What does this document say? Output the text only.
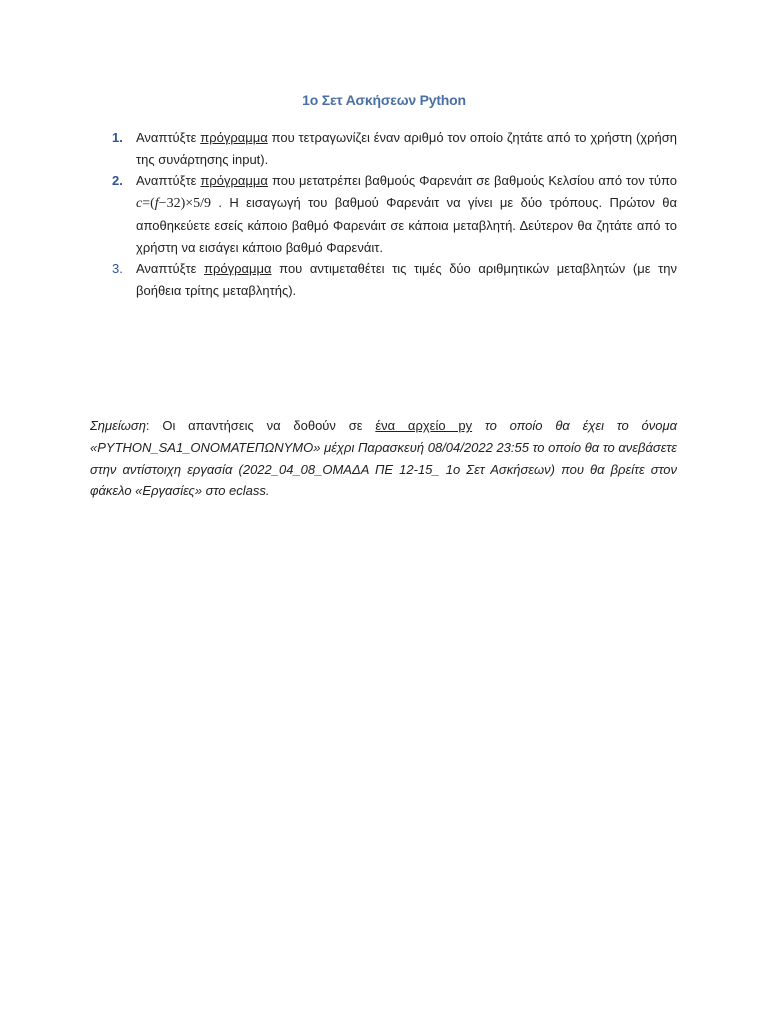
1ο Σετ Ασκήσεων Python
1. Αναπτύξτε πρόγραμμα που τετραγωνίζει έναν αριθμό τον οποίο ζητάτε από το χρήστη (χρήση της συνάρτησης input).
2. Αναπτύξτε πρόγραμμα που μετατρέπει βαθμούς Φαρενάιτ σε βαθμούς Κελσίου από τον τύπο c=(f−32)×5/9 . Η εισαγωγή του βαθμού Φαρενάιτ να γίνει με δύο τρόπους. Πρώτον θα αποθηκεύετε εσείς κάποιο βαθμό Φαρενάιτ σε κάποια μεταβλητή. Δεύτερον θα ζητάτε από το χρήστη να εισάγει κάποιο βαθμό Φαρενάιτ.
3. Αναπτύξτε πρόγραμμα που αντιμεταθέτει τις τιμές δύο αριθμητικών μεταβλητών (με την βοήθεια τρίτης μεταβλητής).

Σημείωση: Οι απαντήσεις να δοθούν σε ένα αρχείο py το οποίο θα έχει το όνομα «PYTHON_SA1_ΟΝΟΜΑΤΕΠΩΝΥΜΟ» μέχρι Παρασκευή 08/04/2022 23:55 το οποίο θα το ανεβάσετε στην αντίστοιχη εργασία (2022_04_08_ΟΜΑΔΑ ΠΕ 12-15_ 1ο Σετ Ασκήσεων) που θα βρείτε στον φάκελο «Εργασίες» στο eclass.
